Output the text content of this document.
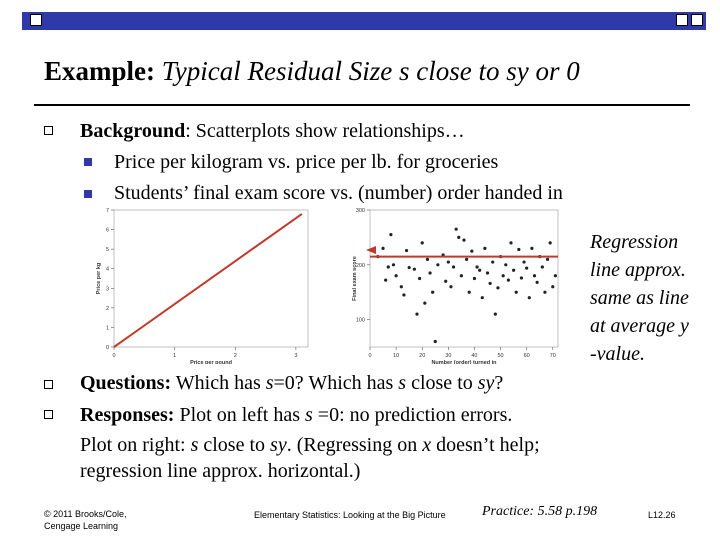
Example: Typical Residual Size s close to sy or 0
Background: Scatterplots show relationships…
Price per kilogram vs. price per lb. for groceries
Students’ final exam score vs. (number) order handed in
0	1	2	3
0
1
2
3
4
5
6
7
Price per pound
Price per kg
0	10	20	30	40	50	60	70
100
200
300
Number (order) turned in
Final exam score
Regression
line approx.
same as line
at average y
-value.
Questions: Which has s=0? Which has s close to sy?
Responses: Plot on left has s =0: no prediction errors.
Plot on right: s close to sy. (Regressing on x doesn’t help;
regression line approx. horizontal.)
© 2011 Brooks/Cole,
Cengage Learning
Elementary Statistics: Looking at the Big Picture	Practice: 5.58 p.198	L12.26
